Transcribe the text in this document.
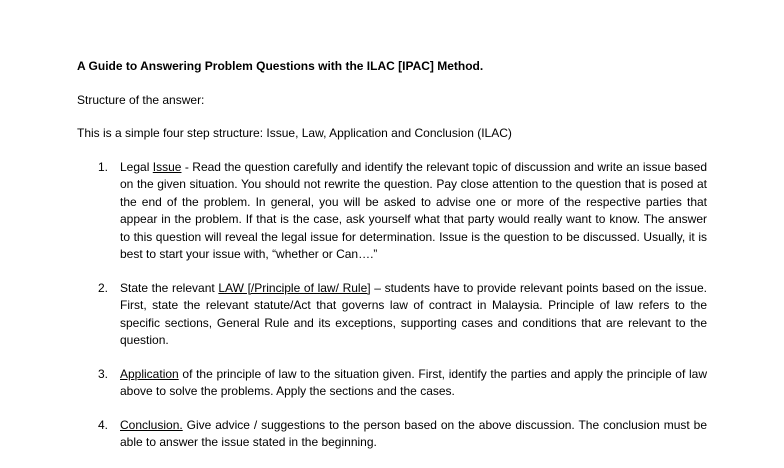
A Guide to Answering Problem Questions with the ILAC [IPAC] Method.
Structure of the answer:
This is a simple four step structure: Issue, Law, Application and Conclusion (ILAC)
1. Legal Issue - Read the question carefully and identify the relevant topic of discussion and write an issue based on the given situation. You should not rewrite the question. Pay close attention to the question that is posed at the end of the problem. In general, you will be asked to advise one or more of the respective parties that appear in the problem. If that is the case, ask yourself what that party would really want to know. The answer to this question will reveal the legal issue for determination. Issue is the question to be discussed. Usually, it is best to start your issue with, “whether or Can….”
2. State the relevant LAW [/Principle of law/ Rule] – students have to provide relevant points based on the issue. First, state the relevant statute/Act that governs law of contract in Malaysia. Principle of law refers to the specific sections, General Rule and its exceptions, supporting cases and conditions that are relevant to the question.
3. Application of the principle of law to the situation given. First, identify the parties and apply the principle of law above to solve the problems. Apply the sections and the cases.
4. Conclusion. Give advice / suggestions to the person based on the above discussion. The conclusion must be able to answer the issue stated in the beginning.
